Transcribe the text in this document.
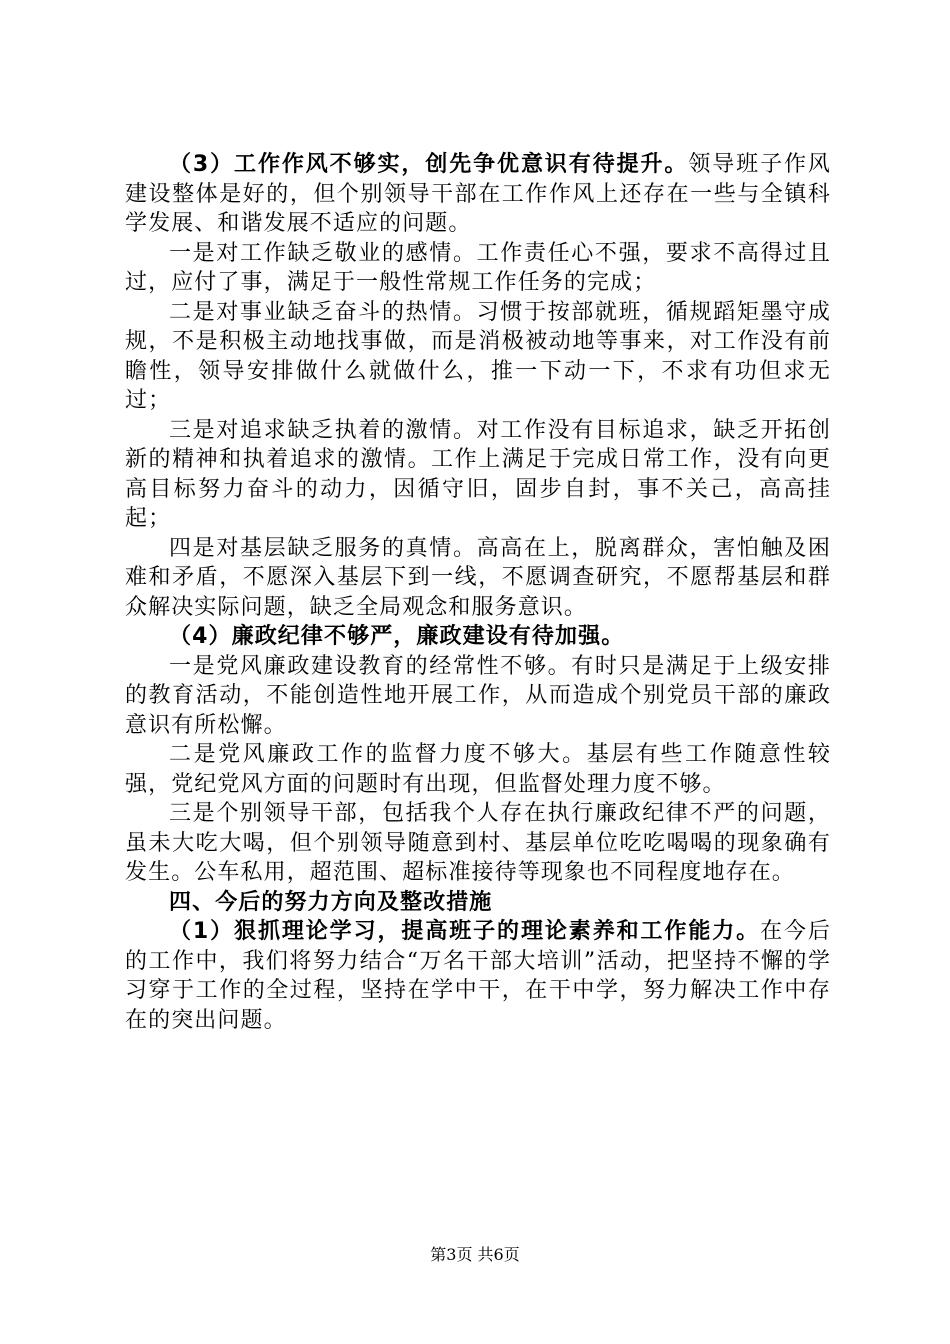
（3）工作作风不够实，创先争优意识有待提升。领导班子作风建设整体是好的，但个别领导干部在工作作风上还存在一些与全镇科学发展、和谐发展不适应的问题。

一是对工作缺乏敬业的感情。工作责任心不强，要求不高得过且过，应付了事，满足于一般性常规工作任务的完成；

二是对事业缺乏奋斗的热情。习惯于按部就班，循规蹈矩墨守成规，不是积极主动地找事做，而是消极被动地等事来，对工作没有前瞻性，领导安排做什么就做什么，推一下动一下，不求有功但求无过；

三是对追求缺乏执着的激情。对工作没有目标追求，缺乏开拓创新的精神和执着追求的激情。工作上满足于完成日常工作，没有向更高目标努力奋斗的动力，因循守旧，固步自封，事不关己，高高挂起；

四是对基层缺乏服务的真情。高高在上，脱离群众，害怕触及困难和矛盾，不愿深入基层下到一线，不愿调查研究，不愿帮基层和群众解决实际问题，缺乏全局观念和服务意识。

（4）廉政纪律不够严，廉政建设有待加强。

一是党风廉政建设教育的经常性不够。有时只是满足于上级安排的教育活动，不能创造性地开展工作，从而造成个别党员干部的廉政意识有所松懈。

二是党风廉政工作的监督力度不够大。基层有些工作随意性较强，党纪党风方面的问题时有出现，但监督处理力度不够。

三是个别领导干部，包括我个人存在执行廉政纪律不严的问题，虽未大吃大喝，但个别领导随意到村、基层单位吃吃喝喝的现象确有发生。公车私用，超范围、超标准接待等现象也不同程度地存在。

四、今后的努力方向及整改措施

（1）狠抓理论学习，提高班子的理论素养和工作能力。在今后的工作中，我们将努力结合“万名干部大培训”活动，把坚持不懈的学习穿于工作的全过程，坚持在学中干，在干中学，努力解决工作中存在的突出问题。

第3页 共6页
